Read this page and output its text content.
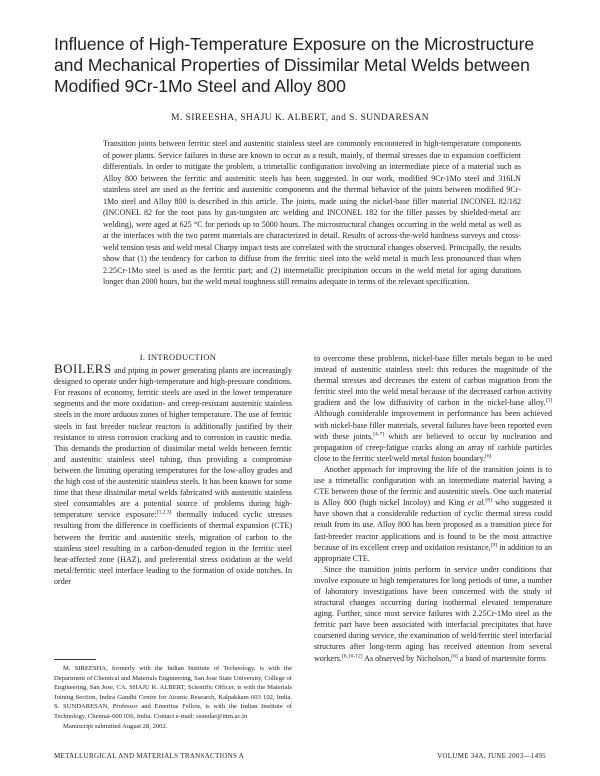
Influence of High-Temperature Exposure on the Microstructure and Mechanical Properties of Dissimilar Metal Welds between Modified 9Cr-1Mo Steel and Alloy 800
M. SIREESHA, SHAJU K. ALBERT, and S. SUNDARESAN
Transition joints between ferritic steel and austenitic stainless steel are commonly encountered in high-temperature components of power plants. Service failures in these are known to occur as a result, mainly, of thermal stresses due to expansion coefficient differentials. In order to mitigate the problem, a trimetallic configuration involving an intermediate piece of a material such as Alloy 800 between the ferritic and austenitic steels has been suggested. In our work, modified 9Cr-1Mo steel and 316LN stainless steel are used as the ferritic and austenitic components and the thermal behavior of the joints between modified 9Cr-1Mo steel and Alloy 800 is described in this article. The joints, made using the nickel-base filler material INCONEL 82/182 (INCONEL 82 for the root pass by gas-tungsten arc welding and INCONEL 182 for the filler passes by shielded-metal arc welding), were aged at 625 °C for periods up to 5000 hours. The microstructural changes occurring in the weld metal as well as at the interfaces with the two parent materials are characterized in detail. Results of across-the-weld hardness surveys and cross-weld tension tests and weld metal Charpy impact tests are correlated with the structural changes observed. Principally, the results show that (1) the tendency for carbon to diffuse from the ferritic steel into the weld metal is much less pronounced than when 2.25Cr-1Mo steel is used as the ferritic part; and (2) intermetallic precipitation occurs in the weld metal for aging durations longer than 2000 hours, but the weld metal toughness still remains adequate in terms of the relevant specification.

I. INTRODUCTION

BOILERS and piping in power generating plants are increasingly designed to operate under high-temperature and high-pressure conditions. For reasons of economy, ferritic steels are used in the lower temperature segments and the more oxidation- and creep-resistant austenitic stainless steels in the more arduous zones of higher temperature. The use of ferritic steels in fast breeder nuclear reactors is additionally justified by their resistance to stress corrosion cracking and to corrosion in caustic media. This demands the production of dissimilar metal welds between ferritic and austenitic stainless steel tubing, thus providing a compromise between the limiting operating temperatures for the low-alloy grades and the high cost of the austenitic stainless steels. It has been known for some time that these dissimilar metal welds fabricated with austenitic stainless steel consumables are a potential source of problems during high-temperature service exposure:[1,2,3] thermally induced cyclic stresses resulting from the difference in coefficients of thermal expansion (CTE) between the ferritic and austenitic steels, migration of carbon to the stainless steel resulting in a carbon-denuded region in the ferritic steel heat-affected zone (HAZ), and preferential stress oxidation at the weld metal/ferritic steel interface leading to the formation of oxide notches. In order

to overcome these problems, nickel-base filler metals began to be used instead of austenitic stainless steel: this reduces the magnitude of the thermal stresses and decreases the extent of carbon migration from the ferritic steel into the weld metal because of the decreased carbon activity gradient and the low diffusivity of carbon in the nickel-base alloy.[3] Although considerable improvement in performance has been achieved with nickel-base filler materials, several failures have been reported even with these joints,[4-7] which are believed to occur by nucleation and propagation of creep-fatigue cracks along an array of carbide particles close to the ferritic steel/weld metal fusion boundary.[6]

Another approach for improving the life of the transition joints is to use a trimetallic configuration with an intermediate material having a CTE between those of the ferritic and austenitic steels. One such material is Alloy 800 (high nickel Incoloy) and King et al.[8] who suggested it have shown that a considerable reduction of cyclic thermal stress could result from its use. Alloy 800 has been proposed as a transition piece for fast-breeder reactor applications and is found to be the most attractive because of its excellent creep and oxidation resistance,[9] in addition to an appropriate CTE.

Since the transition joints perform in service under conditions that involve exposure to high temperatures for long periods of time, a number of laboratory investigations have been concerned with the study of structural changes occurring during isothermal elevated temperature aging. Further, since most service failures with 2.25Cr-1Mo steel as the ferritic part have been associated with interfacial precipitates that have coarsened during service, the examination of weld/ferritic steel interfacial structures after long-term aging has received attention from several workers.[6,10-12] As observed by Nicholson,[6] a band of martensite forms

M. SIREESHA, formerly with the Indian Institute of Technology, is with the Department of Chemical and Materials Engineering, San Jose State University, College of Engineering, San Jose, CA. SHAJU K. ALBERT, Scientific Officer, is with the Materials Joining Section, Indira Gandhi Centre for Atomic Research, Kalpakkam 603 102, India. S. SUNDARESAN, Professor and Emeritus Fellow, is with the Indian Institute of Technology, Chennai-600 036, India. Contact e-mail: ssundar@iitm.ac.in

Manuscript submitted August 28, 2002.

METALLURGICAL AND MATERIALS TRANSACTIONS A	VOLUME 34A, JUNE 2003—1495
